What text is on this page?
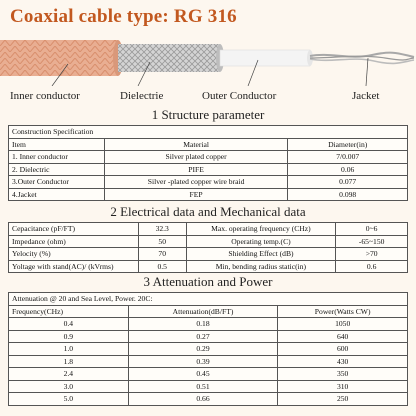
Coaxial cable type: RG 316
Inner conductor	Dielectrie	Outer Conductor	Jacket
1 Structure parameter
Construction Specification		
Item	Material	Diameter(in)
1. Inner conductor	Silver plated copper	7/0.007
2. Dielectric	PIFE	0.06
3.Outer Conductor	Silver -plated copper wire braid	0.077
4.Jacket	FEP	0.098
2 Electrical data and Mechanical data
Cepacitance (pF/FT)	32.3	Max. operating frequency (CHz)	0~6
Impedance (ohm)	50	Operating temp.(C)	-65~150
Yelocity (%)	70	Shielding Effect (dB)	>70
Yoltage with stand(AC)/ (kVrms)	0.5	Min, bending radius static(in)	0.6
3 Attenuation and Power
Attenuation @ 20 and Sea Level, Power. 20C:		
Frequency(CHz)	Attenuation(dB/FT)	Power(Watts CW)
0.4	0.18	1050
0.9	0.27	640
1.0	0.29	600
1.8	0.39	430
2.4	0.45	350
3.0	0.51	310
5.0	0.66	250
